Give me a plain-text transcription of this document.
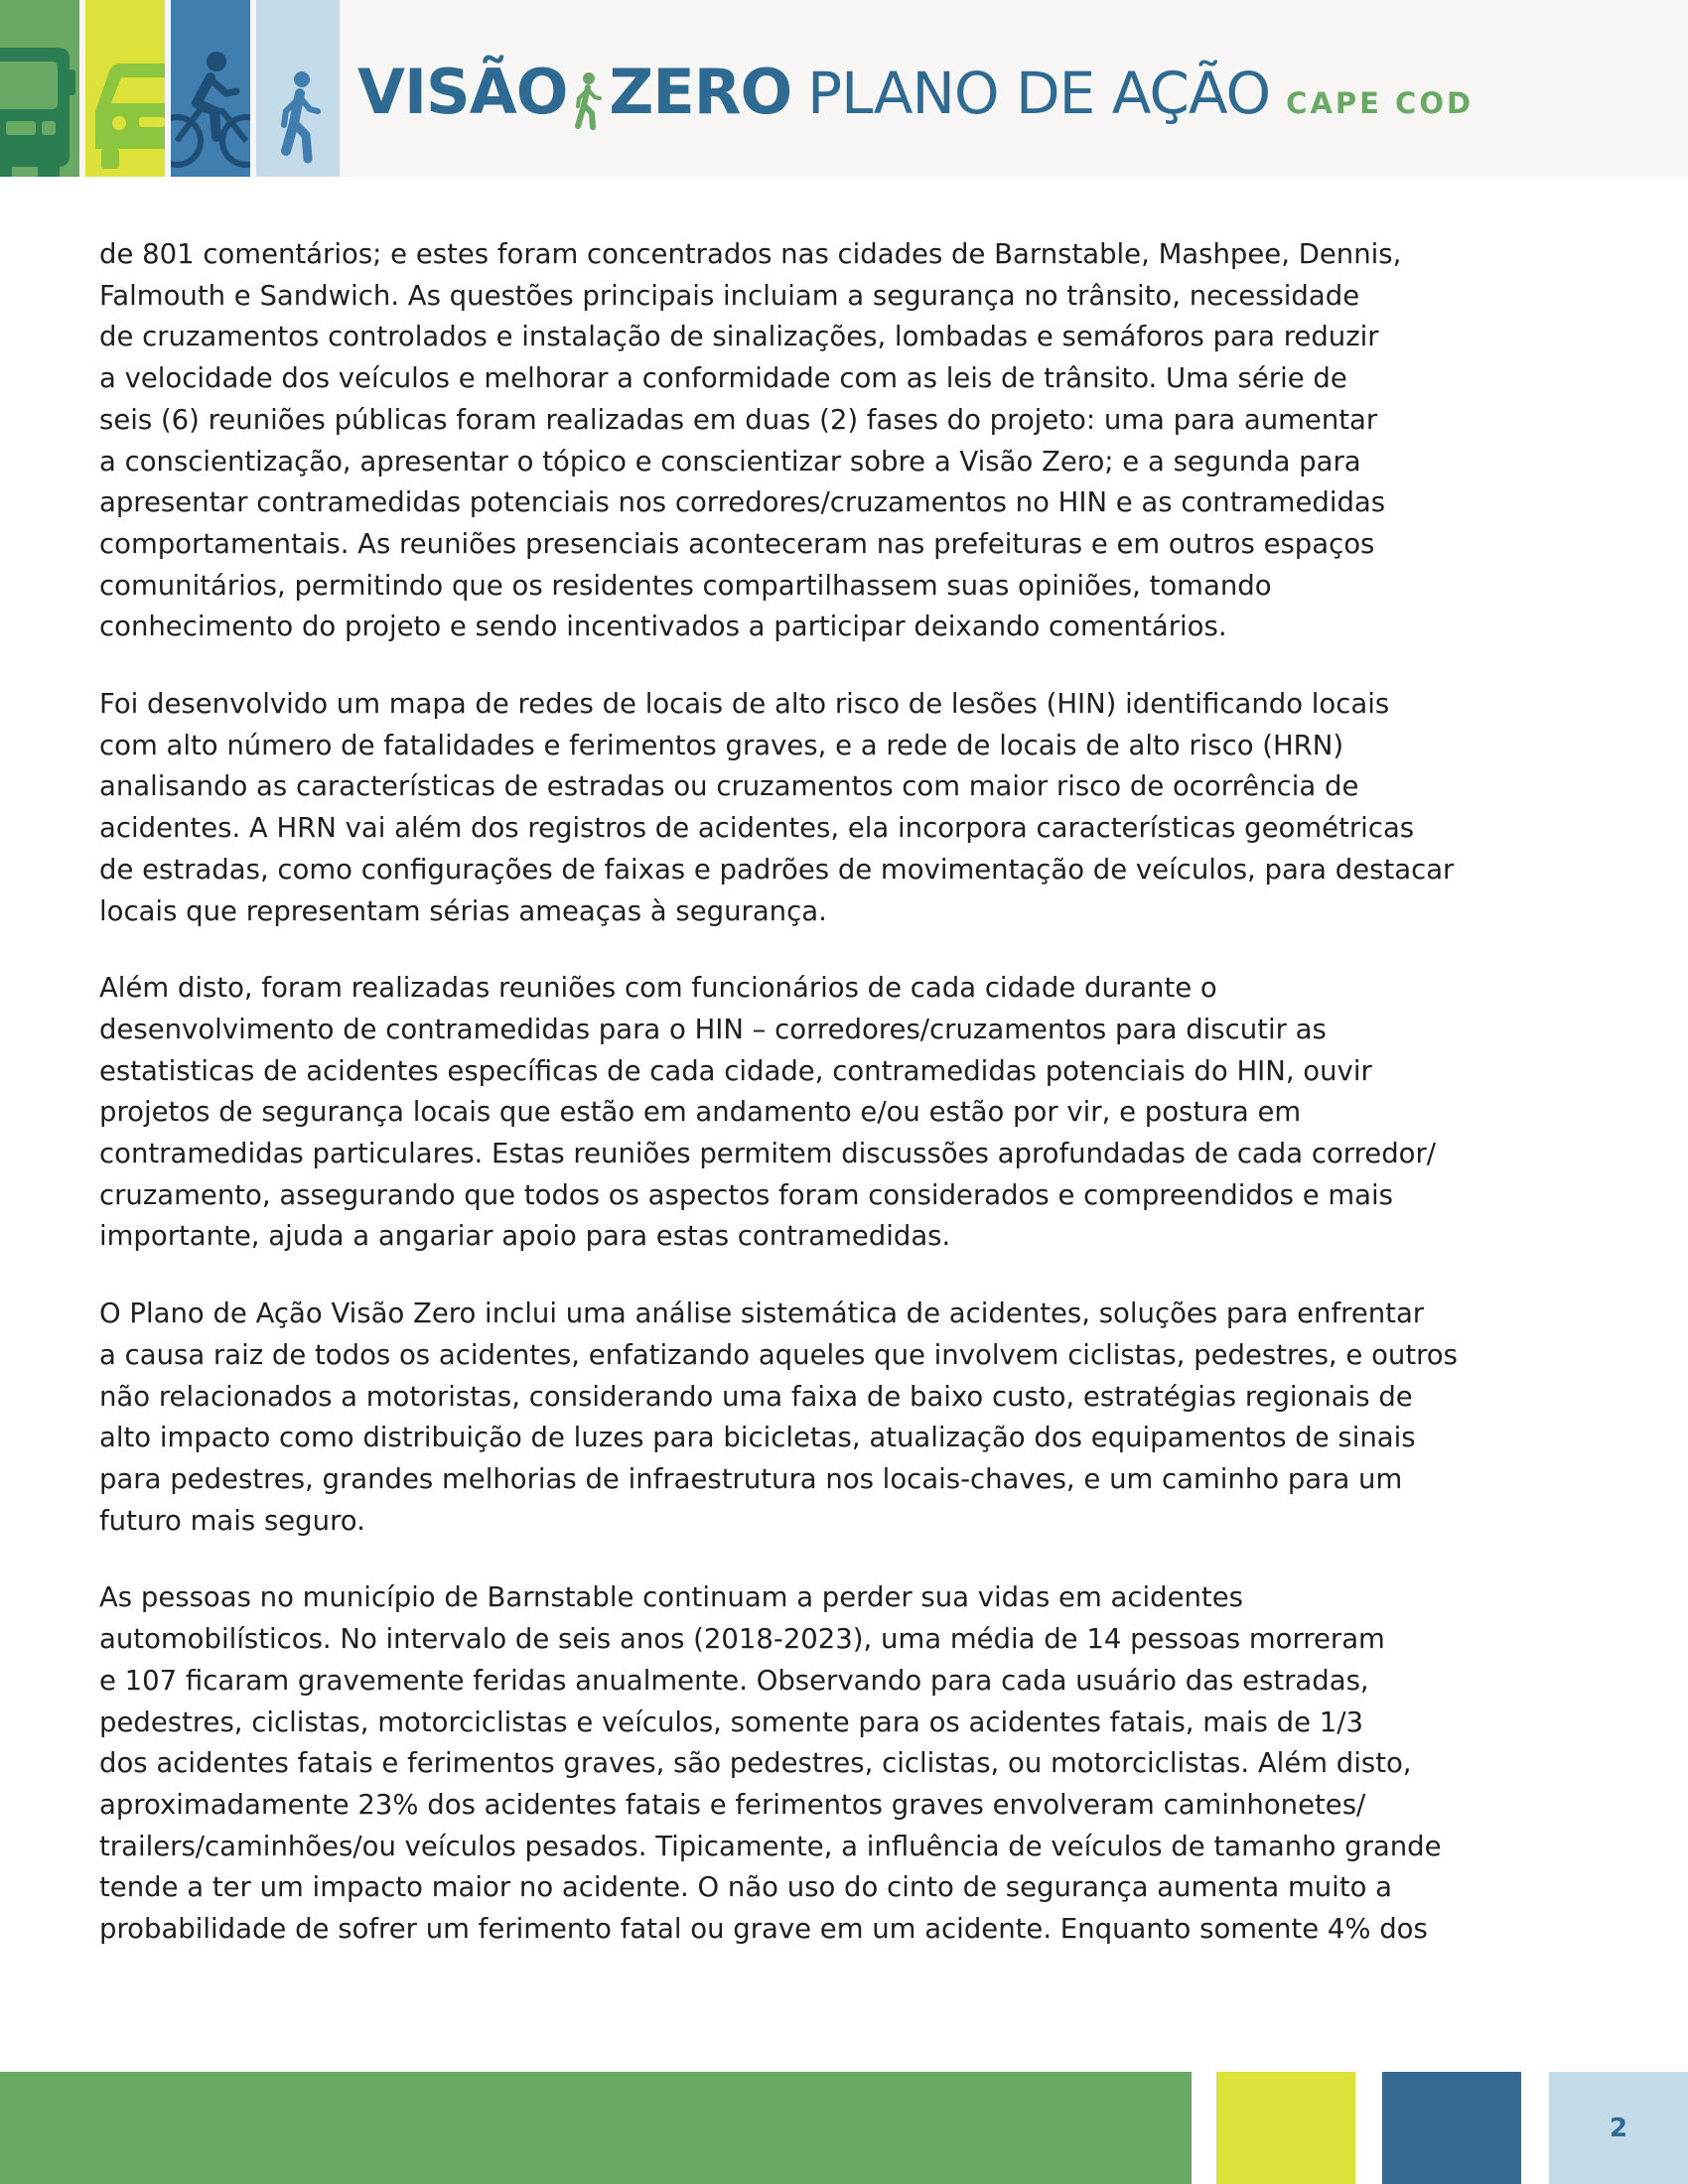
VISÃO ZERO PLANO DE AÇÃO CAPE COD

de 801 comentários; e estes foram concentrados nas cidades de Barnstable, Mashpee, Dennis,
Falmouth e Sandwich. As questões principais incluiam a segurança no trânsito, necessidade
de cruzamentos controlados e instalação de sinalizações, lombadas e semáforos para reduzir
a velocidade dos veículos e melhorar a conformidade com as leis de trânsito. Uma série de
seis (6) reuniões públicas foram realizadas em duas (2) fases do projeto: uma para aumentar
a conscientização, apresentar o tópico e conscientizar sobre a Visão Zero; e a segunda para
apresentar contramedidas potenciais nos corredores/cruzamentos no HIN e as contramedidas
comportamentais. As reuniões presenciais aconteceram nas prefeituras e em outros espaços
comunitários, permitindo que os residentes compartilhassem suas opiniões, tomando
conhecimento do projeto e sendo incentivados a participar deixando comentários.

Foi desenvolvido um mapa de redes de locais de alto risco de lesões (HIN) identificando locais
com alto número de fatalidades e ferimentos graves, e a rede de locais de alto risco (HRN)
analisando as características de estradas ou cruzamentos com maior risco de ocorrência de
acidentes. A HRN vai além dos registros de acidentes, ela incorpora características geométricas
de estradas, como configurações de faixas e padrões de movimentação de veículos, para destacar
locais que representam sérias ameaças à segurança.

Além disto, foram realizadas reuniões com funcionários de cada cidade durante o
desenvolvimento de contramedidas para o HIN – corredores/cruzamentos para discutir as
estatisticas de acidentes específicas de cada cidade, contramedidas potenciais do HIN, ouvir
projetos de segurança locais que estão em andamento e/ou estão por vir, e postura em
contramedidas particulares. Estas reuniões permitem discussões aprofundadas de cada corredor/
cruzamento, assegurando que todos os aspectos foram considerados e compreendidos e mais
importante, ajuda a angariar apoio para estas contramedidas.

O Plano de Ação Visão Zero inclui uma análise sistemática de acidentes, soluções para enfrentar
a causa raiz de todos os acidentes, enfatizando aqueles que involvem ciclistas, pedestres, e outros
não relacionados a motoristas, considerando uma faixa de baixo custo, estratégias regionais de
alto impacto como distribuição de luzes para bicicletas, atualização dos equipamentos de sinais
para pedestres, grandes melhorias de infraestrutura nos locais-chaves, e um caminho para um
futuro mais seguro.

As pessoas no município de Barnstable continuam a perder sua vidas em acidentes
automobilísticos. No intervalo de seis anos (2018-2023), uma média de 14 pessoas morreram
e 107 ficaram gravemente feridas anualmente. Observando para cada usuário das estradas,
pedestres, ciclistas, motorciclistas e veículos, somente para os acidentes fatais, mais de 1/3
dos acidentes fatais e ferimentos graves, são pedestres, ciclistas, ou motorciclistas. Além disto,
aproximadamente 23% dos acidentes fatais e ferimentos graves envolveram caminhonetes/
trailers/caminhões/ou veículos pesados. Tipicamente, a influência de veículos de tamanho grande
tende a ter um impacto maior no acidente. O não uso do cinto de segurança aumenta muito a
probabilidade de sofrer um ferimento fatal ou grave em um acidente. Enquanto somente 4% dos

2
